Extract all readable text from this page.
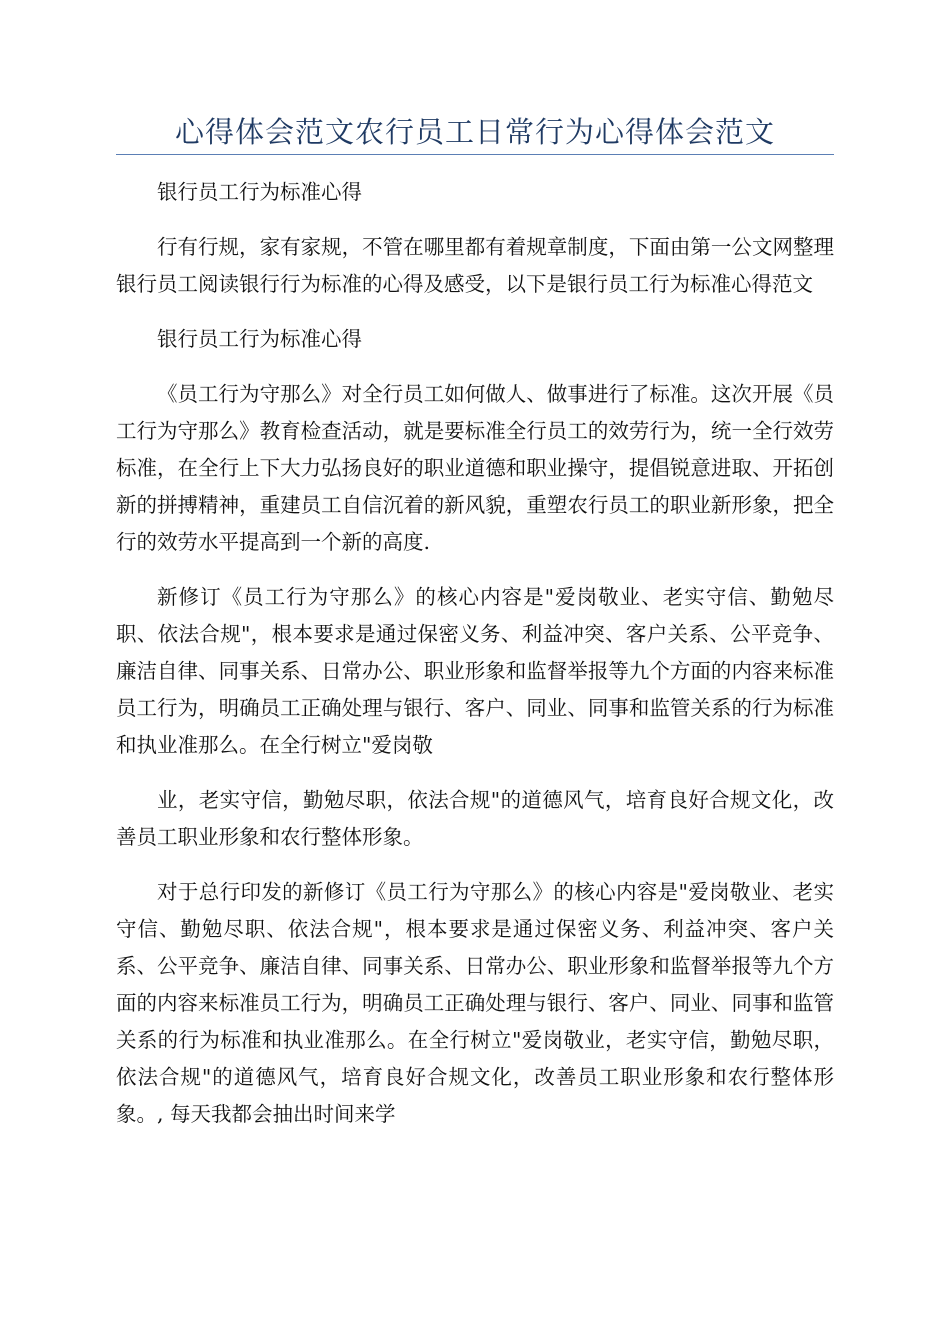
心得体会范文农行员工日常行为心得体会范文

银行员工行为标准心得

行有行规，家有家规，不管在哪里都有着规章制度，下面由第一公文网整理银行员工阅读银行行为标准的心得及感受，以下是银行员工行为标准心得范文

银行员工行为标准心得

《员工行为守那么》对全行员工如何做人、做事进行了标准。这次开展《员工行为守那么》教育检查活动，就是要标准全行员工的效劳行为，统一全行效劳标准，在全行上下大力弘扬良好的职业道德和职业操守，提倡锐意进取、开拓创新的拼搏精神，重建员工自信沉着的新风貌，重塑农行员工的职业新形象，把全行的效劳水平提高到一个新的高度.

新修订《员工行为守那么》的核心内容是"爱岗敬业、老实守信、勤勉尽职、依法合规"，根本要求是通过保密义务、利益冲突、客户关系、公平竞争、廉洁自律、同事关系、日常办公、职业形象和监督举报等九个方面的内容来标准员工行为，明确员工正确处理与银行、客户、同业、同事和监管关系的行为标准和执业准那么。在全行树立"爱岗敬

业，老实守信，勤勉尽职，依法合规"的道德风气，培育良好合规文化，改善员工职业形象和农行整体形象。

对于总行印发的新修订《员工行为守那么》的核心内容是"爱岗敬业、老实守信、勤勉尽职、依法合规"，根本要求是通过保密义务、利益冲突、客户关系、公平竞争、廉洁自律、同事关系、日常办公、职业形象和监督举报等九个方面的内容来标准员工行为，明确员工正确处理与银行、客户、同业、同事和监管关系的行为标准和执业准那么。在全行树立"爱岗敬业，老实守信，勤勉尽职，依法合规"的道德风气，培育良好合规文化，改善员工职业形象和农行整体形象。, 每天我都会抽出时间来学
